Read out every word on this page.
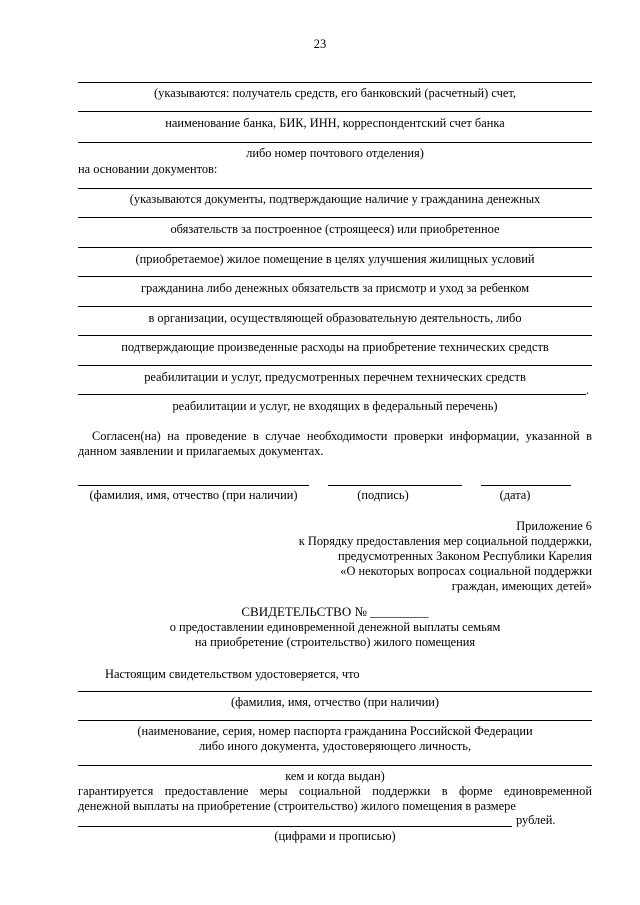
23
(указываются: получатель средств, его банковский (расчетный) счет,
наименование банка, БИК, ИНН, корреспондентский счет банка
либо номер почтового отделения)
на основании документов:
(указываются документы, подтверждающие наличие у гражданина денежных
обязательств за построенное (строящееся) или приобретенное
(приобретаемое) жилое помещение в целях улучшения жилищных условий
гражданина либо денежных обязательств за присмотр и уход за ребенком
в организации, осуществляющей образовательную деятельность, либо
подтверждающие произведенные расходы на приобретение технических средств
реабилитации и услуг, предусмотренных перечнем технических средств
.
реабилитации и услуг, не входящих в федеральный перечень)
Согласен(на) на проведение в случае необходимости проверки информации, указанной в
данном заявлении и прилагаемых документах.
(фамилия, имя, отчество (при наличии)	(подпись)	(дата)
Приложение 6
к Порядку предоставления мер социальной поддержки,
предусмотренных Законом Республики Карелия
«О некоторых вопросах социальной поддержки
граждан, имеющих детей»
СВИДЕТЕЛЬСТВО № _________
о предоставлении единовременной денежной выплаты семьям
на приобретение (строительство) жилого помещения
Настоящим свидетельством удостоверяется, что
(фамилия, имя, отчество (при наличии)
(наименование, серия, номер паспорта гражданина Российской Федерации
либо иного документа, удостоверяющего личность,
кем и когда выдан)
гарантируется предоставление меры социальной поддержки в форме единовременной
денежной выплаты на приобретение (строительство) жилого помещения в размере
рублей.
(цифрами и прописью)
